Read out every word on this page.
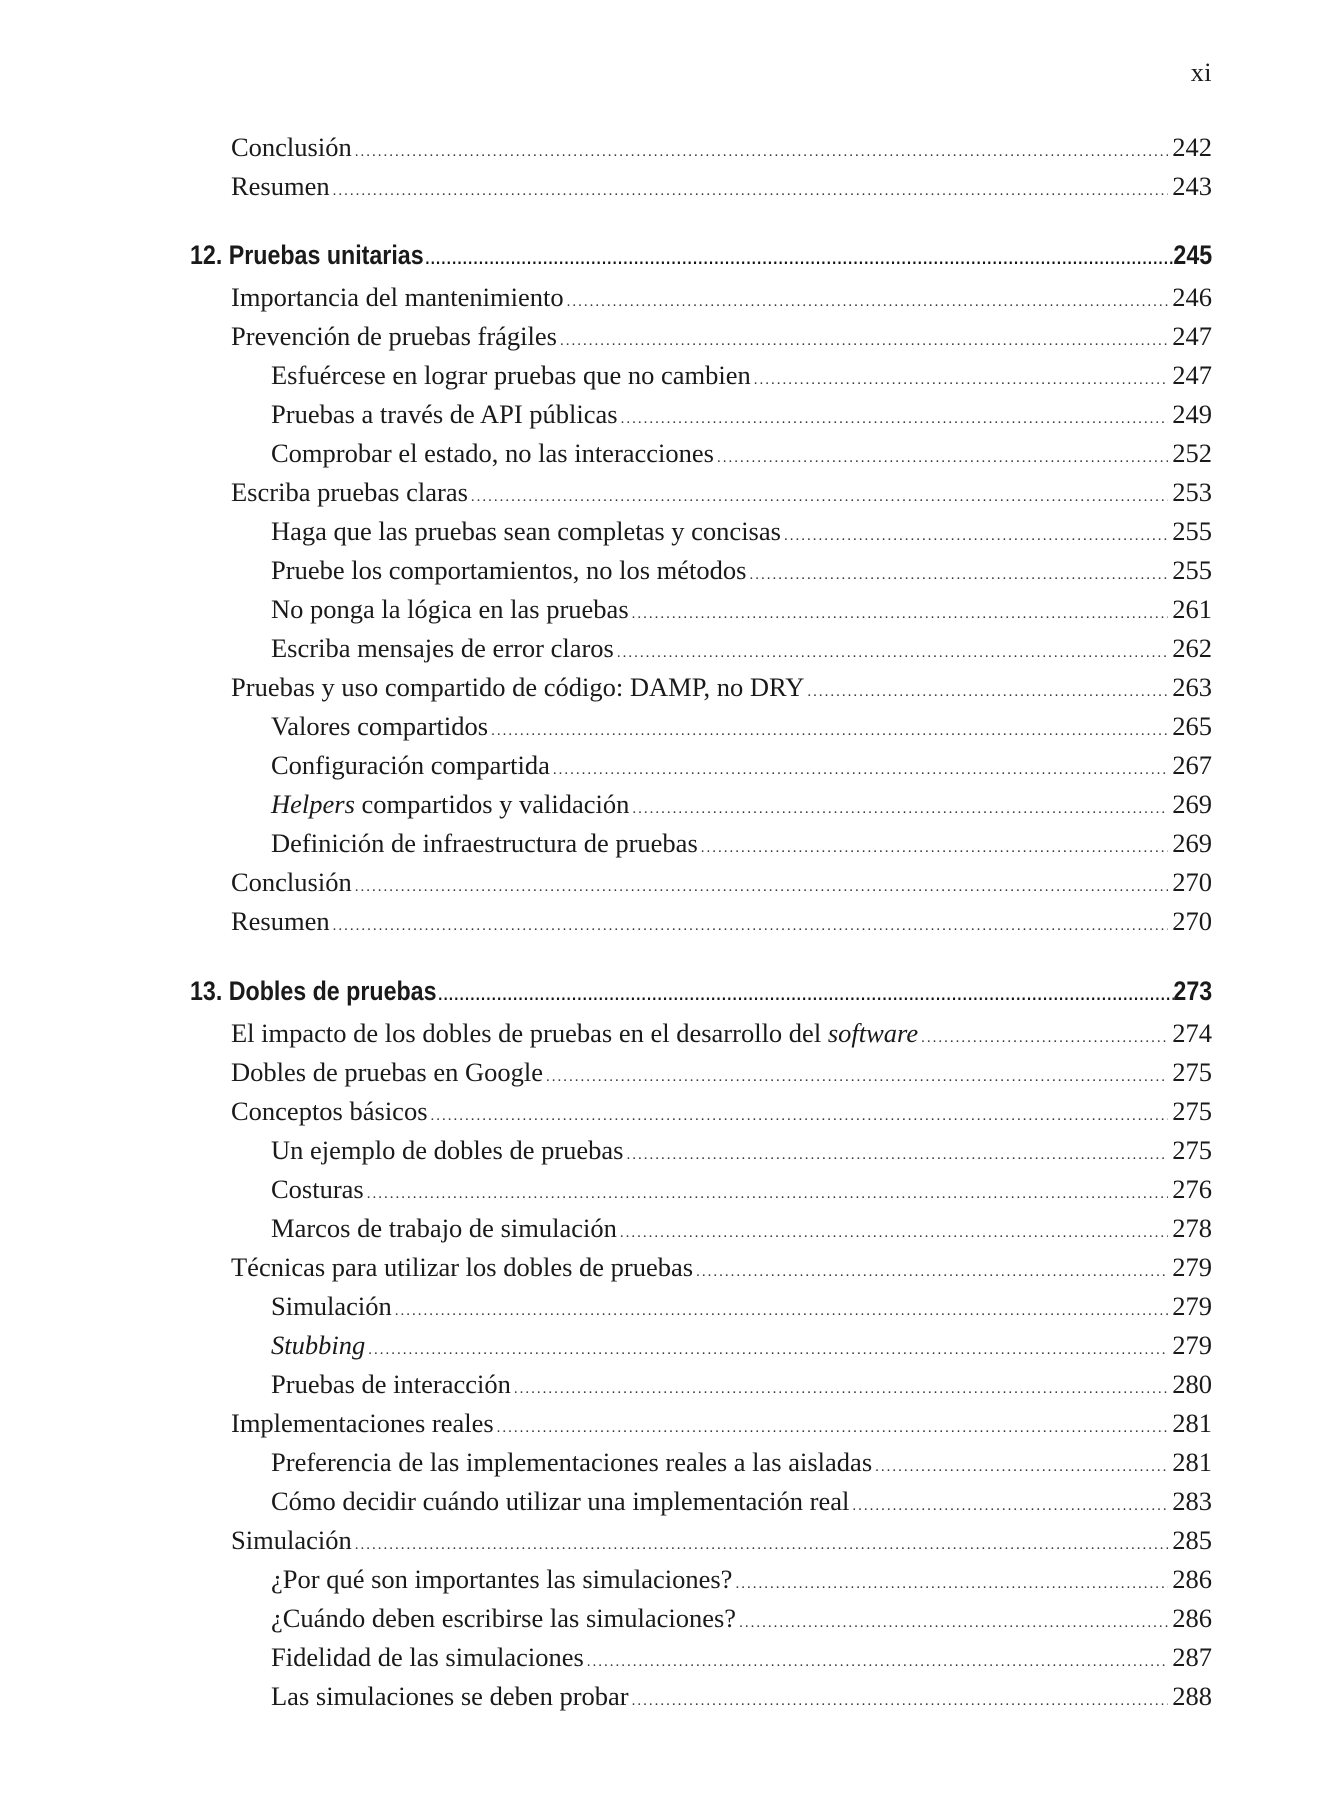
xi
Conclusión .....	242
Resumen .....	243
12. Pruebas unitarias .....	245
Importancia del mantenimiento .....	246
Prevención de pruebas frágiles .....	247
Esfuércese en lograr pruebas que no cambien .....	247
Pruebas a través de API públicas .....	249
Comprobar el estado, no las interacciones .....	252
Escriba pruebas claras .....	253
Haga que las pruebas sean completas y concisas .....	255
Pruebe los comportamientos, no los métodos .....	255
No ponga la lógica en las pruebas .....	261
Escriba mensajes de error claros .....	262
Pruebas y uso compartido de código: DAMP, no DRY .....	263
Valores compartidos .....	265
Configuración compartida .....	267
Helpers compartidos y validación .....	269
Definición de infraestructura de pruebas .....	269
Conclusión .....	270
Resumen .....	270
13. Dobles de pruebas .....	273
El impacto de los dobles de pruebas en el desarrollo del software .....	274
Dobles de pruebas en Google .....	275
Conceptos básicos .....	275
Un ejemplo de dobles de pruebas .....	275
Costuras .....	276
Marcos de trabajo de simulación .....	278
Técnicas para utilizar los dobles de pruebas .....	279
Simulación .....	279
Stubbing .....	279
Pruebas de interacción .....	280
Implementaciones reales .....	281
Preferencia de las implementaciones reales a las aisladas .....	281
Cómo decidir cuándo utilizar una implementación real .....	283
Simulación .....	285
¿Por qué son importantes las simulaciones? .....	286
¿Cuándo deben escribirse las simulaciones? .....	286
Fidelidad de las simulaciones .....	287
Las simulaciones se deben probar .....	288
